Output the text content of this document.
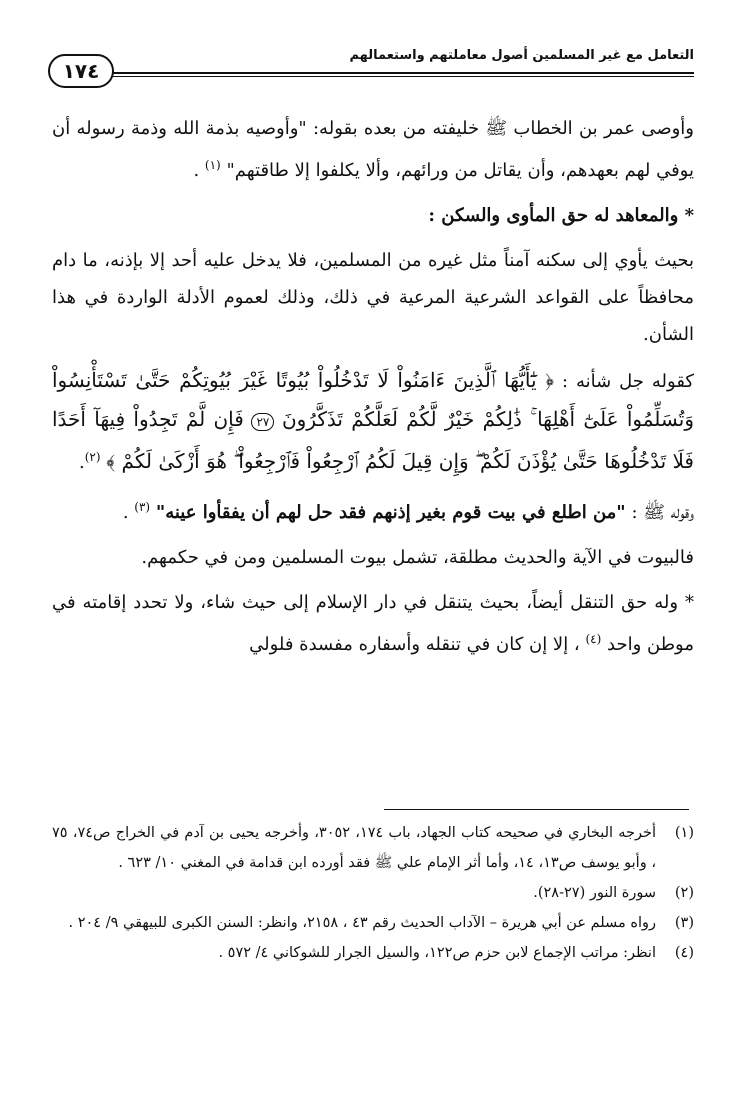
التعامل مع غير المسلمين أصول معاملتهم واستعمالهم
١٧٤

وأوصى عمر بن الخطاب ﷺ خليفته من بعده بقوله: "وأوصيه بذمة الله وذمة رسوله أن يوفي لهم بعهدهم، وأن يقاتل من ورائهم، وألا يكلفوا إلا طاقتهم" $^{(١)}$ .

* والمعاهد له حق المأوى والسكن :

بحيث يأوي إلى سكنه آمناً مثل غيره من المسلمين، فلا يدخل عليه أحد إلا بإذنه، ما دام محافظاً على القواعد الشرعية المرعية في ذلك، وذلك لعموم الأدلة الواردة في هذا الشأن.

كقوله جل شأنه : ﴿ يَٰٓأَيُّهَا ٱلَّذِينَ ءَامَنُواْ لَا تَدْخُلُواْ بُيُوتًا غَيْرَ بُيُوتِكُمْ حَتَّىٰ تَسْتَأْنِسُواْ وَتُسَلِّمُواْ عَلَىٰٓ أَهْلِهَا ۚ ذَٰلِكُمْ خَيْرٌ لَّكُمْ لَعَلَّكُمْ تَذَكَّرُونَ ٢٧ فَإِن لَّمْ تَجِدُواْ فِيهَآ أَحَدًا فَلَا تَدْخُلُوهَا حَتَّىٰ يُؤْذَنَ لَكُمْ ۖ وَإِن قِيلَ لَكُمُ ٱرْجِعُواْ فَٱرْجِعُواْ ۖ هُوَ أَزْكَىٰ لَكُمْ ﴾ $^{(٢)}$.

وقوله ﷺ : "من اطلع في بيت قوم بغير إذنهم فقد حل لهم أن يفقأوا عينه" $^{(٣)}$ .

فالبيوت في الآية والحديث مطلقة، تشمل بيوت المسلمين ومن في حكمهم.

* وله حق التنقل أيضاً، بحيث يتنقل في دار الإسلام إلى حيث شاء، ولا تحدد إقامته في موطن واحد $^{(٤)}$ ، إلا إن كان في تنقله وأسفاره مفسدة فلولي

(١)
أخرجه البخاري في صحيحه كتاب الجهاد، باب ١٧٤، ٣٠٥٢، وأخرجه يحيى بن آدم في الخراج ص٧٤، ٧٥ ، وأبو يوسف ص١٣، ١٤، وأما أثر الإمام علي ﷺ فقد أورده ابن قدامة في المغني ١٠/ ٦٢٣ .

(٢)
سورة النور (٢٧-٢٨).

(٣)
رواه مسلم عن أبي هريرة – الآداب الحديث رقم ٤٣ ، ٢١٥٨، وانظر: السنن الكبرى للبيهقي ٩/ ٢٠٤ .

(٤)
انظر: مراتب الإجماع لابن حزم ص١٢٢، والسيل الجرار للشوكاني ٤/ ٥٧٢ .
